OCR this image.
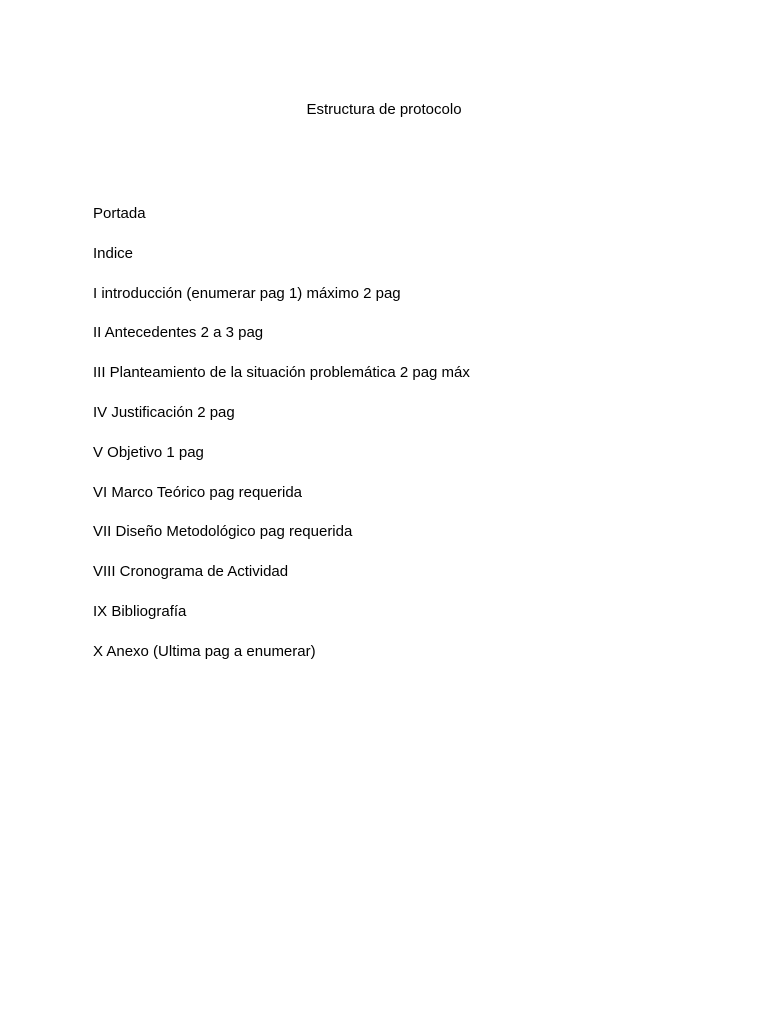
Estructura de protocolo
Portada
Indice
I introducción (enumerar pag 1) máximo 2 pag
II Antecedentes 2 a 3 pag
III Planteamiento de la situación problemática 2 pag máx
IV Justificación 2 pag
V Objetivo 1 pag
VI Marco Teórico pag requerida
VII Diseño Metodológico pag requerida
VIII Cronograma de Actividad
IX Bibliografía
X Anexo (Ultima pag a enumerar)
